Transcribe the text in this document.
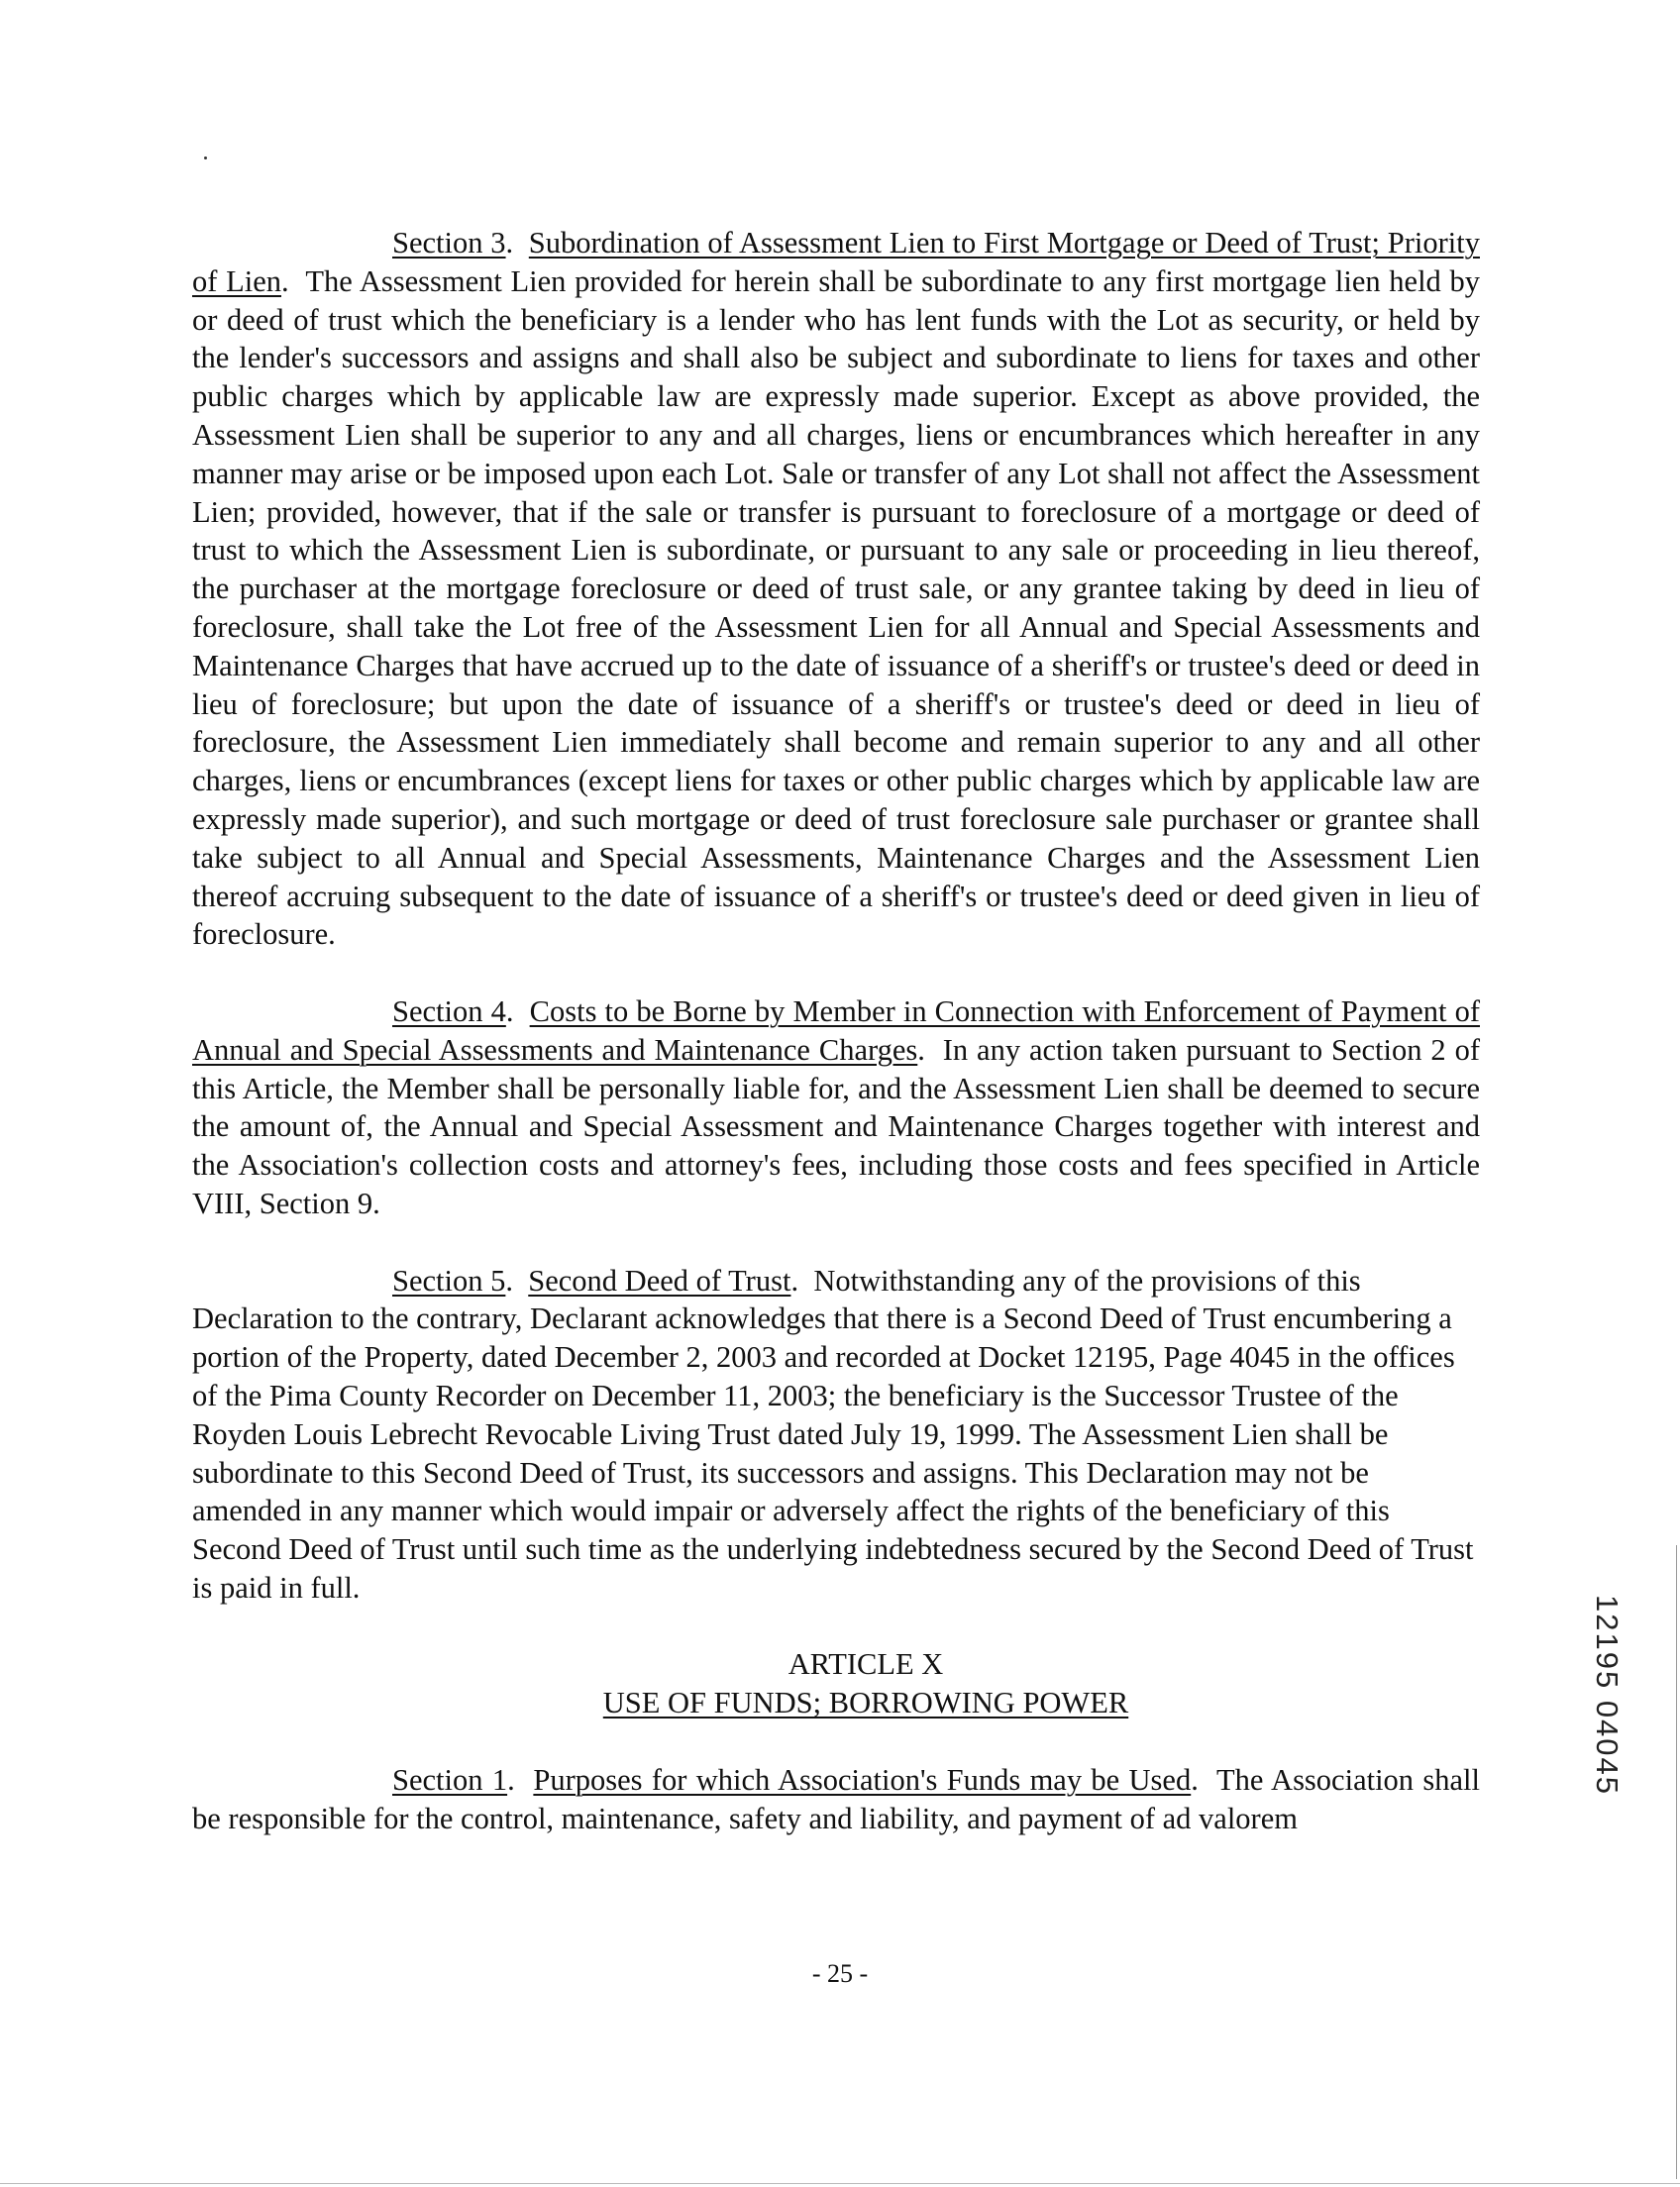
Section 3.  Subordination of Assessment Lien to First Mortgage or Deed of Trust; Priority of Lien.  The Assessment Lien provided for herein shall be subordinate to any first mortgage lien held by or deed of trust which the beneficiary is a lender who has lent funds with the Lot as security, or held by the lender's successors and assigns and shall also be subject and subordinate to liens for taxes and other public charges which by applicable law are expressly made superior. Except as above provided, the Assessment Lien shall be superior to any and all charges, liens or encumbrances which hereafter in any manner may arise or be imposed upon each Lot. Sale or transfer of any Lot shall not affect the Assessment Lien; provided, however, that if the sale or transfer is pursuant to foreclosure of a mortgage or deed of trust to which the Assessment Lien is subordinate, or pursuant to any sale or proceeding in lieu thereof, the purchaser at the mortgage foreclosure or deed of trust sale, or any grantee taking by deed in lieu of foreclosure, shall take the Lot free of the Assessment Lien for all Annual and Special Assessments and Maintenance Charges that have accrued up to the date of issuance of a sheriff's or trustee's deed or deed in lieu of foreclosure; but upon the date of issuance of a sheriff's or trustee's deed or deed in lieu of foreclosure, the Assessment Lien immediately shall become and remain superior to any and all other charges, liens or encumbrances (except liens for taxes or other public charges which by applicable law are expressly made superior), and such mortgage or deed of trust foreclosure sale purchaser or grantee shall take subject to all Annual and Special Assessments, Maintenance Charges and the Assessment Lien thereof accruing subsequent to the date of issuance of a sheriff's or trustee's deed or deed given in lieu of foreclosure.

Section 4.  Costs to be Borne by Member in Connection with Enforcement of Payment of Annual and Special Assessments and Maintenance Charges.  In any action taken pursuant to Section 2 of this Article, the Member shall be personally liable for, and the Assessment Lien shall be deemed to secure the amount of, the Annual and Special Assessment and Maintenance Charges together with interest and the Association's collection costs and attorney's fees, including those costs and fees specified in Article VIII, Section 9.

Section 5.  Second Deed of Trust.  Notwithstanding any of the provisions of this Declaration to the contrary, Declarant acknowledges that there is a Second Deed of Trust encumbering a portion of the Property, dated December 2, 2003 and recorded at Docket 12195, Page 4045 in the offices of the Pima County Recorder on December 11, 2003; the beneficiary is the Successor Trustee of the Royden Louis Lebrecht Revocable Living Trust dated July 19, 1999. The Assessment Lien shall be subordinate to this Second Deed of Trust, its successors and assigns. This Declaration may not be amended in any manner which would impair or adversely affect the rights of the beneficiary of this Second Deed of Trust until such time as the underlying indebtedness secured by the Second Deed of Trust is paid in full.

ARTICLE X
USE OF FUNDS; BORROWING POWER

Section 1.  Purposes for which Association's Funds may be Used.  The Association shall be responsible for the control, maintenance, safety and liability, and payment of ad valorem

- 25 -
12195 04045
